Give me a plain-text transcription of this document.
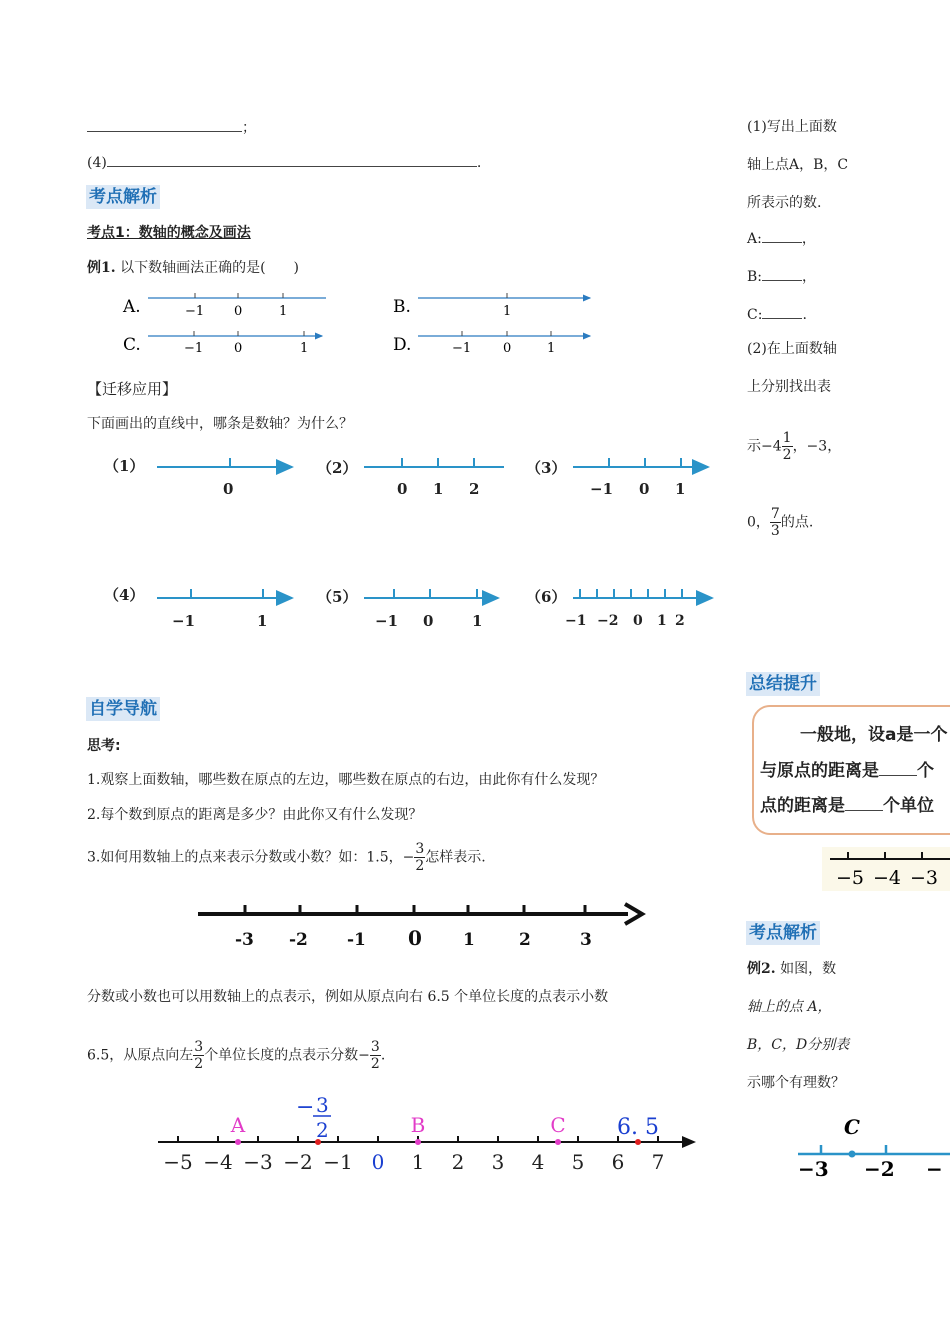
；
(4)	.
考点解析
考点1：数轴的概念及画法
例1. 以下数轴画法正确的是(　　)
A.	−1 0	1	B.	1
C.	−1 0	1	D.	−1 0	1
【迁移应用】
下面画出的直线中，哪条是数轴？为什么？
（1）
0
（2）
0 1 2
（3）
−1 0 1
（4）
−1	1
（5）
−1 0	1
（6）
−1 −2 0 1 2
自学导航
思考:
1.观察上面数轴，哪些数在原点的左边，哪些数在原点的右边，由此你有什么发现？
2.每个数到原点的距离是多少？由此你又有什么发现？
3.如何用数轴上的点来表示分数或小数？如：1.5，− $\frac{3}{2}$ 怎样表示.
-3 -2 -1 0 1	2	3
分数或小数也可以用数轴上的点表示，例如从原点向右 6.5 个单位长度的点表示小数
6.5，从原点向左 $\frac{3}{2}$ 个单位长度的点表示分数− $\frac{3}{2}$ .
−5 −4 −3 −2 −1 0 1 2 3 4 5 6 7
A	B	C 6. 5
− 3
2
(1)写出上面数
轴上点A，B，C
所表示的数.
A:	，
B:	，
C:	.
(2)在上面数轴
上分别找出表
示$-4 \frac{1}{2}$ ，−3，
0， $\frac{7}{3}$ 的点.
总结提升
一般地，设a是一个
与原点的距离是 个
点的距离是 个单位
−5 −4 −3
考点解析
例2. 如图，数
轴上的点 A，
B，C，D分别表
示哪个有理数？
C
−3 −2 −
